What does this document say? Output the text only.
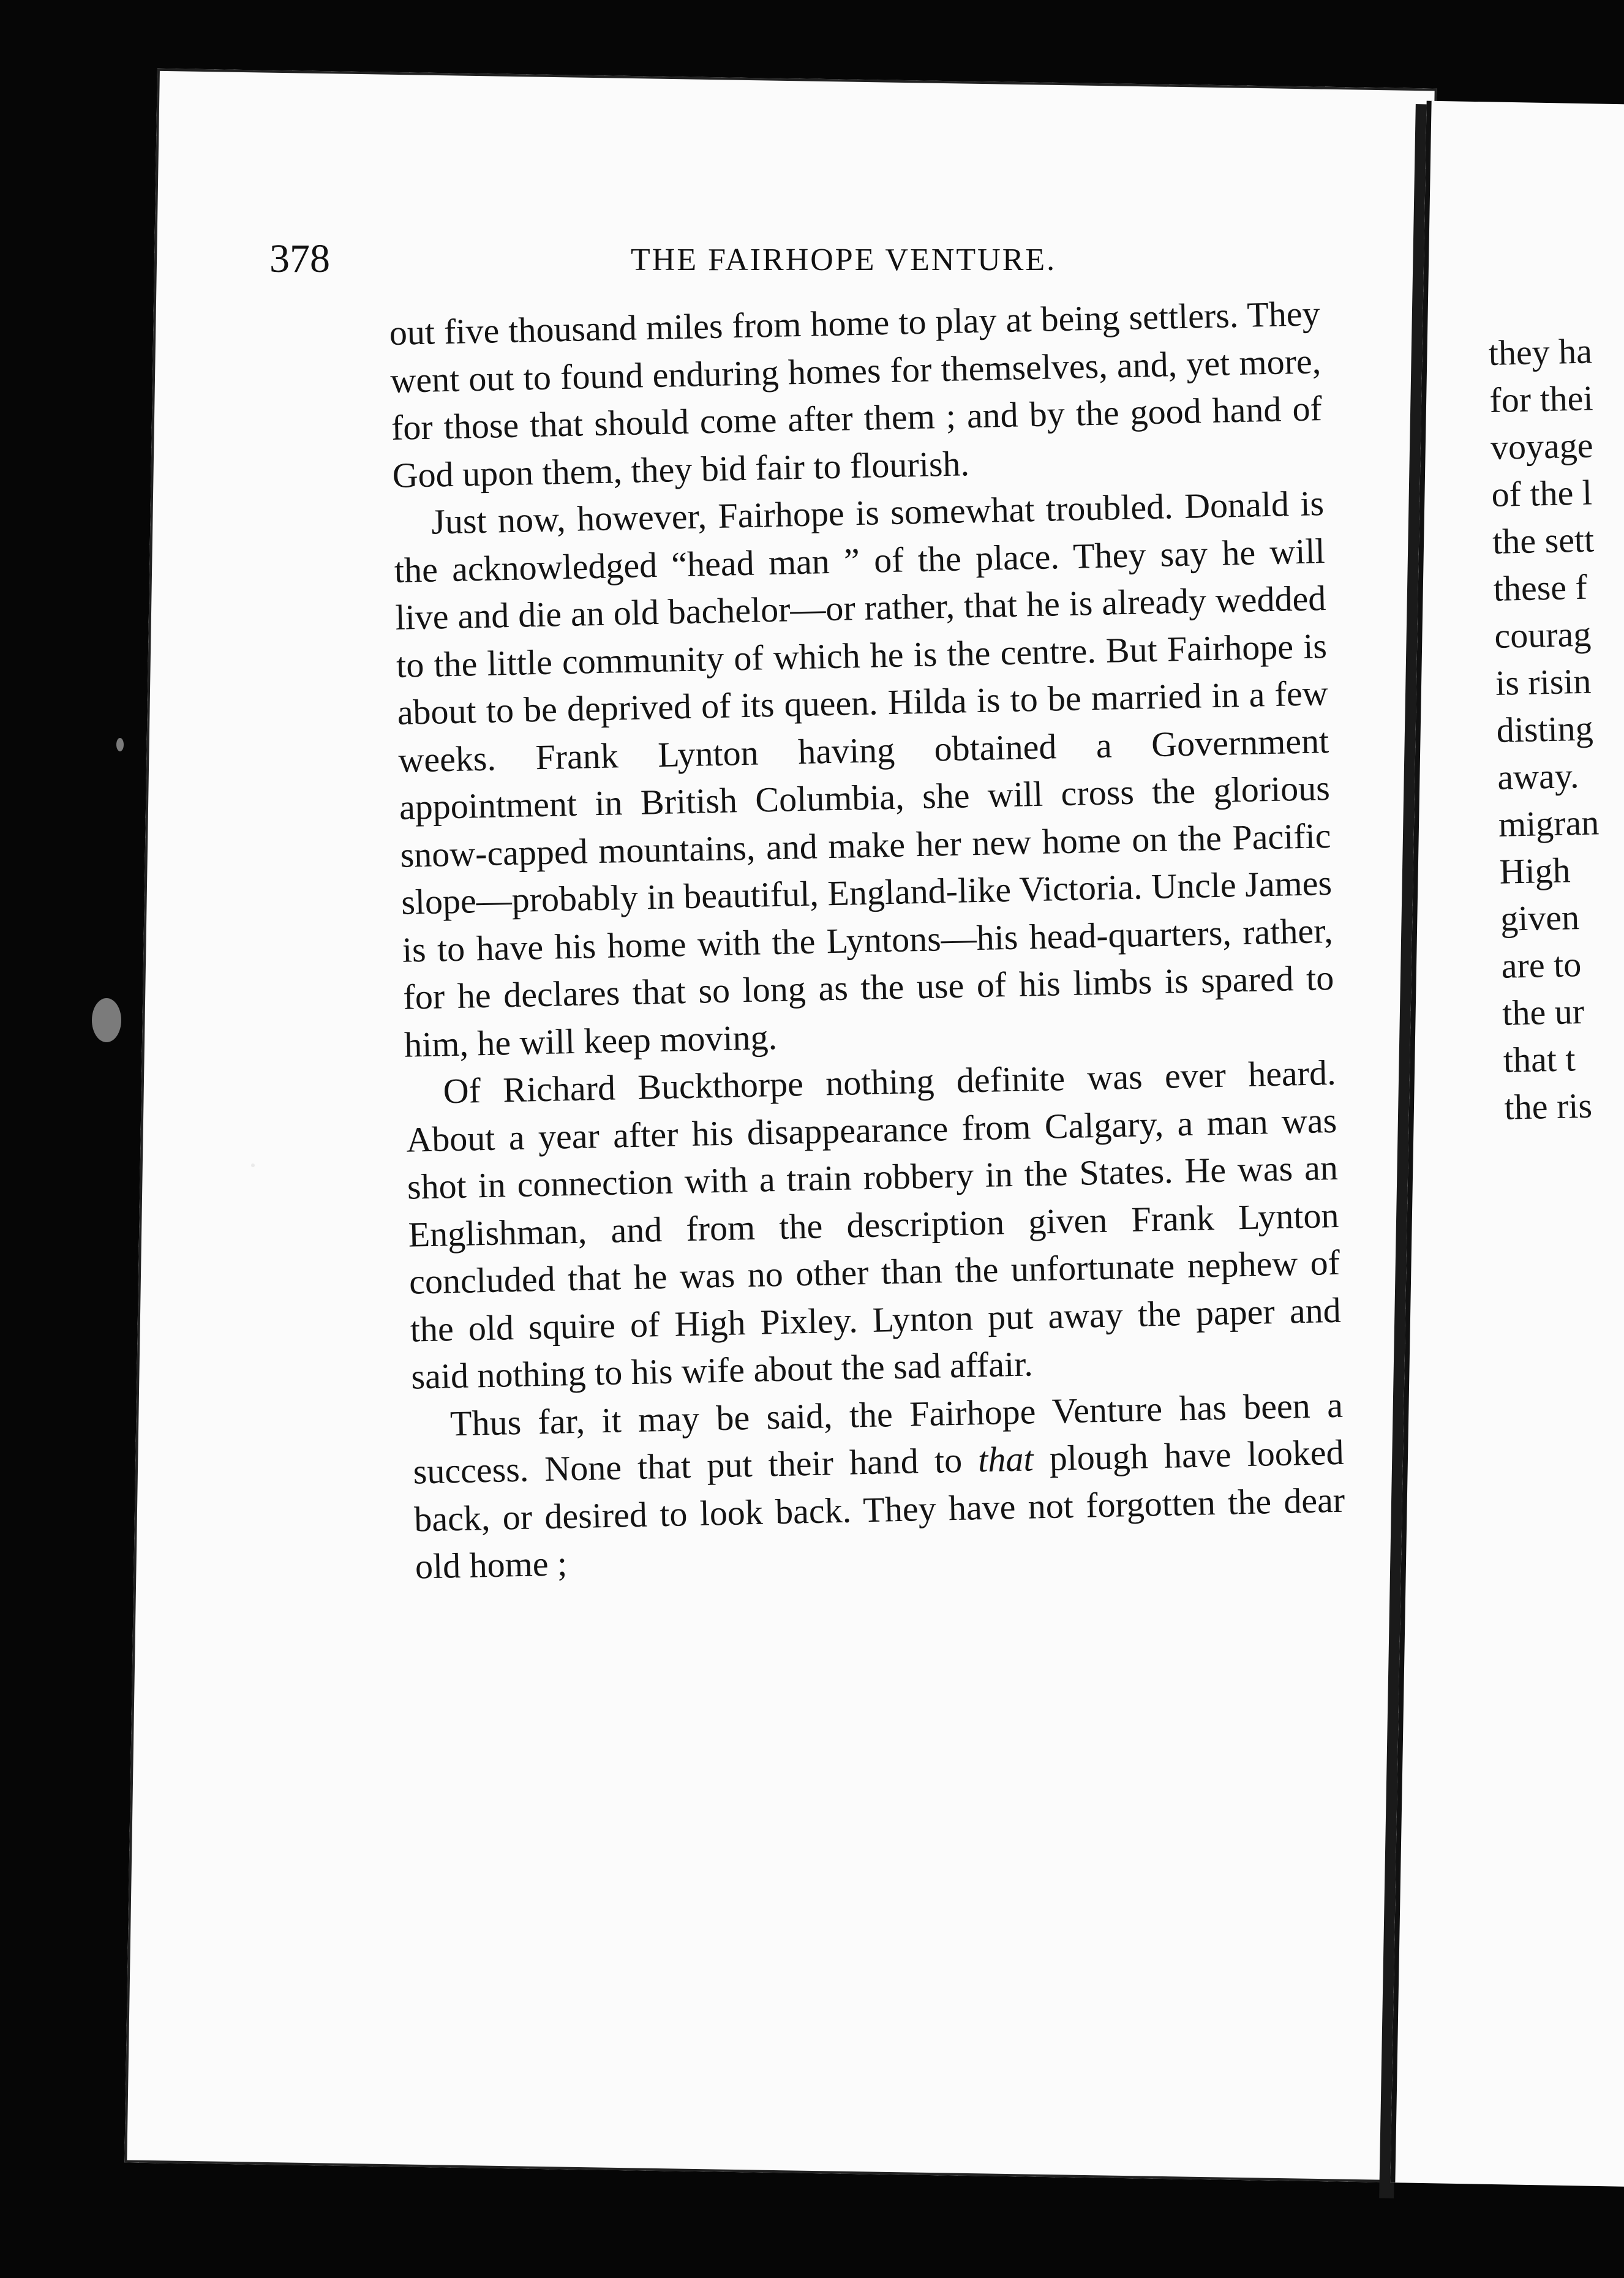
378	THE FAIRHOPE VENTURE.

out five thousand miles from home to play at being settlers. They went out to found enduring homes for themselves, and, yet more, for those that should come after them ; and by the good hand of God upon them, they bid fair to flourish.

Just now, however, Fairhope is somewhat troubled. Donald is the acknowledged “head man ” of the place. They say he will live and die an old bachelor—or rather, that he is already wedded to the little community of which he is the centre. But Fairhope is about to be deprived of its queen. Hilda is to be married in a few weeks. Frank Lynton having obtained a Government appointment in British Columbia, she will cross the glorious snow-capped mountains, and make her new home on the Pacific slope—probably in beautiful, England-like Victoria. Uncle James is to have his home with the Lyntons—his head-quarters, rather, for he declares that so long as the use of his limbs is spared to him, he will keep moving.

Of Richard Buckthorpe nothing definite was ever heard. About a year after his disappearance from Calgary, a man was shot in connection with a train robbery in the States. He was an Englishman, and from the description given Frank Lynton concluded that he was no other than the unfortunate nephew of the old squire of High Pixley. Lynton put away the paper and said nothing to his wife about the sad affair.

Thus far, it may be said, the Fairhope Venture has been a success. None that put their hand to that plough have looked back, or desired to look back. They have not forgotten the dear old home ;

they ha
for thei
voyage
of the l
the sett
these f
courag
is risin
disting
away.
migran
High
given
are to
the ur
that t
the ris
